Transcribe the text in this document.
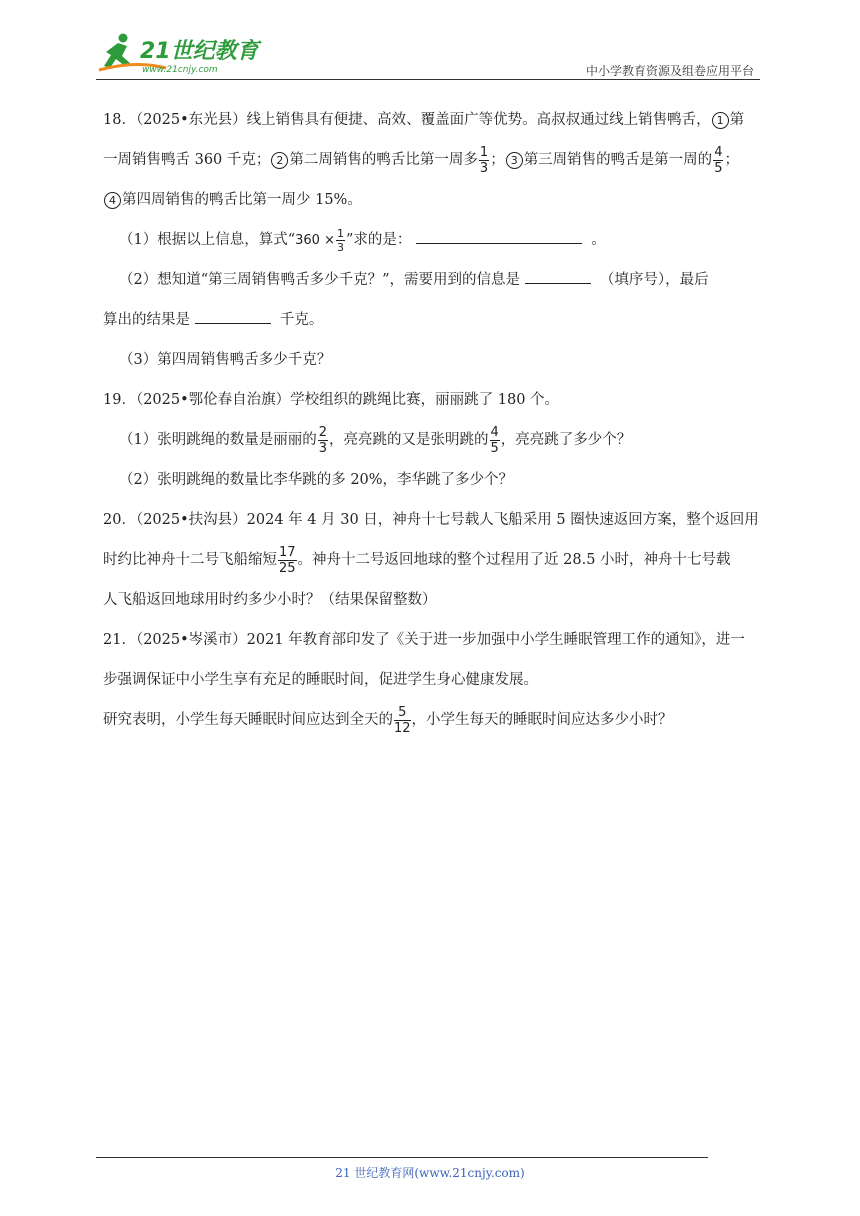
21世纪教育
www.21cnjy.com	中小学教育资源及组卷应用平台
18．（2025•东光县）线上销售具有便捷、高效、覆盖面广等优势。高叔叔通过线上销售鸭舌， 1 第
一周销售鸭舌 360 千克； 2 第二周销售的鸭舌比第一周多 $\frac{1}{3}$ ； 3 第三周销售的鸭舌是第一周的 $\frac{4}{5}$ ；
4 第四周销售的鸭舌比第一周少 15%。
（1）根据以上信息，算式“$360 \times \frac{1}{3}$ ”求的是：	。
（2）想知道“第三周销售鸭舌多少千克？”，需要用到的信息是	（填序号），最后
算出的结果是	千克。
（3）第四周销售鸭舌多少千克？
19．（2025•鄂伦春自治旗）学校组织的跳绳比赛，丽丽跳了 180 个。
（1）张明跳绳的数量是丽丽的 $\frac{2}{3}$ ，亮亮跳的又是张明跳的 $\frac{4}{5}$ ，亮亮跳了多少个？
（2）张明跳绳的数量比李华跳的多 20%，李华跳了多少个？
20．（2025•扶沟县）2024 年 4 月 30 日，神舟十七号载人飞船采用 5 圈快速返回方案，整个返回用
时约比神舟十二号飞船缩短 $\frac{17}{25}$ 。神舟十二号返回地球的整个过程用了近 28.5 小时，神舟十七号载
人飞船返回地球用时约多少小时？（结果保留整数）
21．（2025•岑溪市）2021 年教育部印发了《关于进一步加强中小学生睡眠管理工作的通知》，进一
步强调保证中小学生享有充足的睡眠时间，促进学生身心健康发展。
研究表明，小学生每天睡眠时间应达到全天的 $\frac{5}{12}$ ，小学生每天的睡眠时间应达多少小时？
21 世纪教育网(www.21cnjy.com)
